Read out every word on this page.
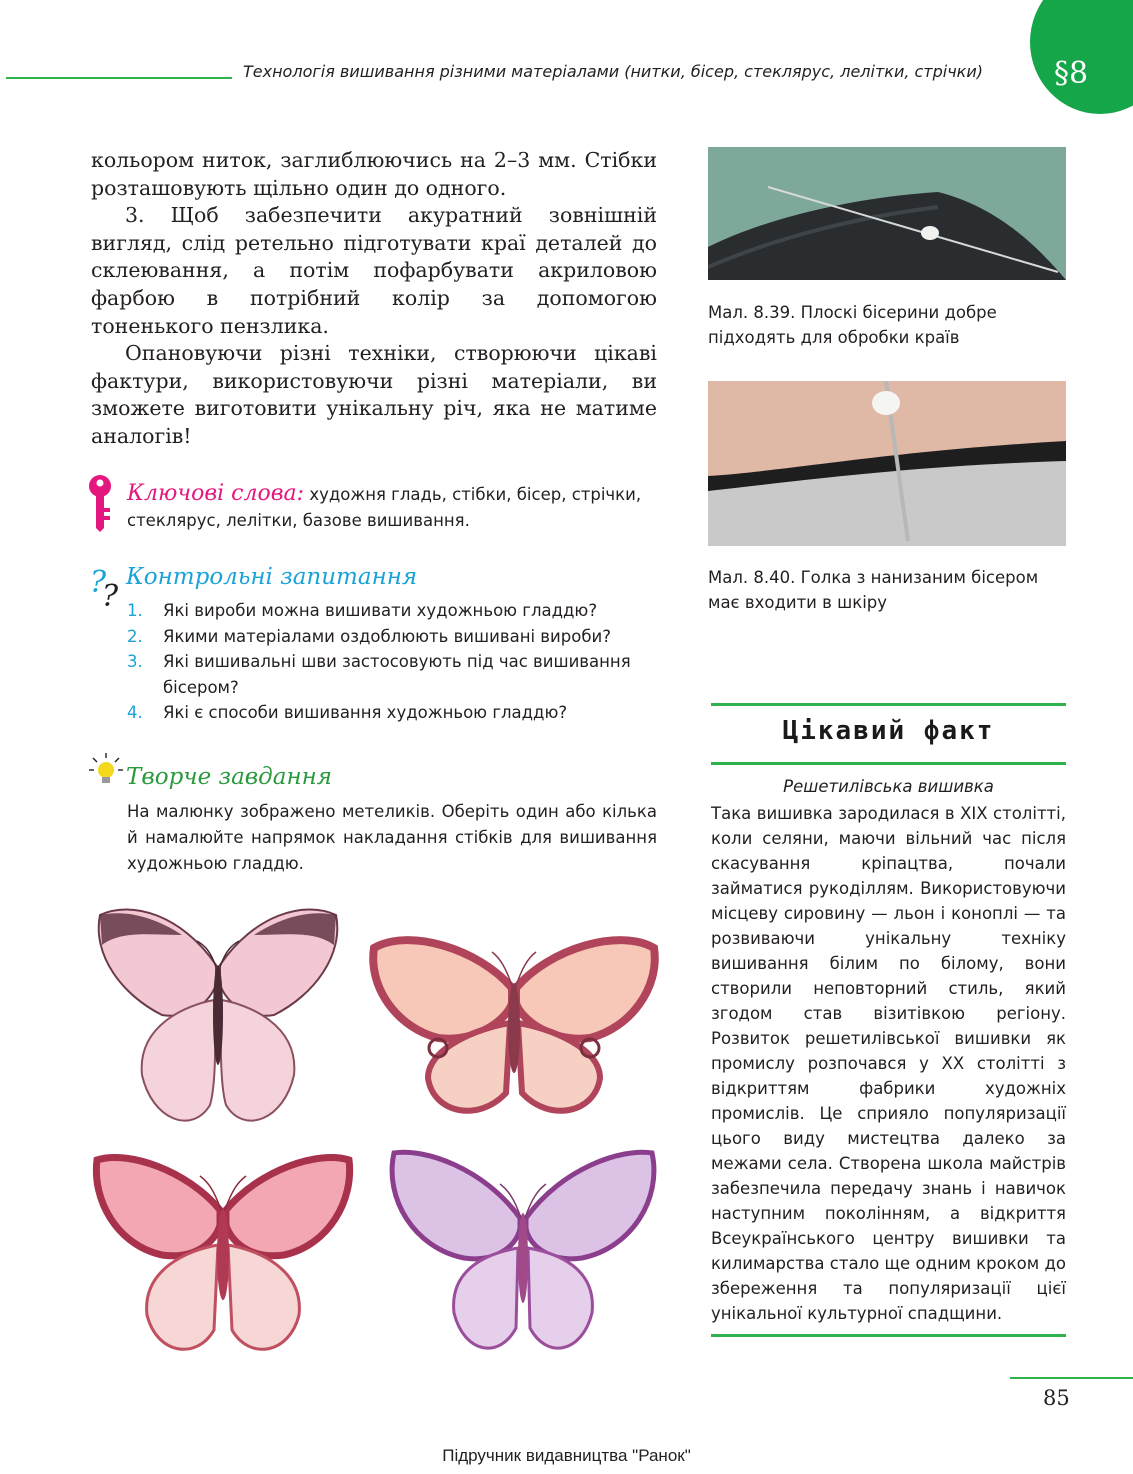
Технологія вишивання різними матеріалами (нитки, бісер, стеклярус, лелітки, стрічки)	§8

кольором ниток, заглиблюючись на 2–3 мм. Стібки розташовують щільно один до одного.

3. Щоб забезпечити акуратний зовнішній вигляд, слід ретельно підготувати краї деталей до склеювання, а потім пофарбувати акриловою фарбою в потрібний колір за допомогою тоненького пензлика.

Опановуючи різні техніки, створюючи цікаві фактури, використовуючи різні матеріали, ви зможете виготовити унікальну річ, яка не матиме аналогів!

Ключові слова: художня гладь, стібки, бісер, стрічки, стеклярус, лелітки, базове вишивання.
?
?
Контрольні запитання
1.	Які вироби можна вишивати художньою гладдю?
2.	Якими матеріалами оздоблюють вишивані вироби?
3.	Які вишивальні шви застосовують під час вишивання бісером?
4.	Які є способи вишивання художньою гладдю?
Творче завдання
На малюнку зображено метеликів. Оберіть один або кілька й намалюйте напрямок накладання стібків для вишивання художньою гладдю.
Мал. 8.39. Плоскі бісерини добре підходять для обробки країв
Мал. 8.40. Голка з нанизаним бісером має входити в шкіру
Цікавий факт
Решетилівська вишивка
Така вишивка зародилася в XIX столітті, коли селяни, маючи вільний час після скасування кріпацтва, почали займатися рукоділлям. Використовуючи місцеву сировину — льон і коноплі — та розвиваючи унікальну техніку вишивання білим по білому, вони створили неповторний стиль, який згодом став візитівкою регіону. Розвиток решетилівської вишивки як промислу розпочався у XX столітті з відкриттям фабрики художніх промислів. Це сприяло популяризації цього виду мистецтва далеко за межами села. Створена школа майстрів забезпечила передачу знань і навичок наступним поколінням, а відкриття Всеукраїнського центру вишивки та килимарства стало ще одним кроком до збереження та популяризації цієї унікальної культурної спадщини.
85
Підручник видавництва "Ранок"
